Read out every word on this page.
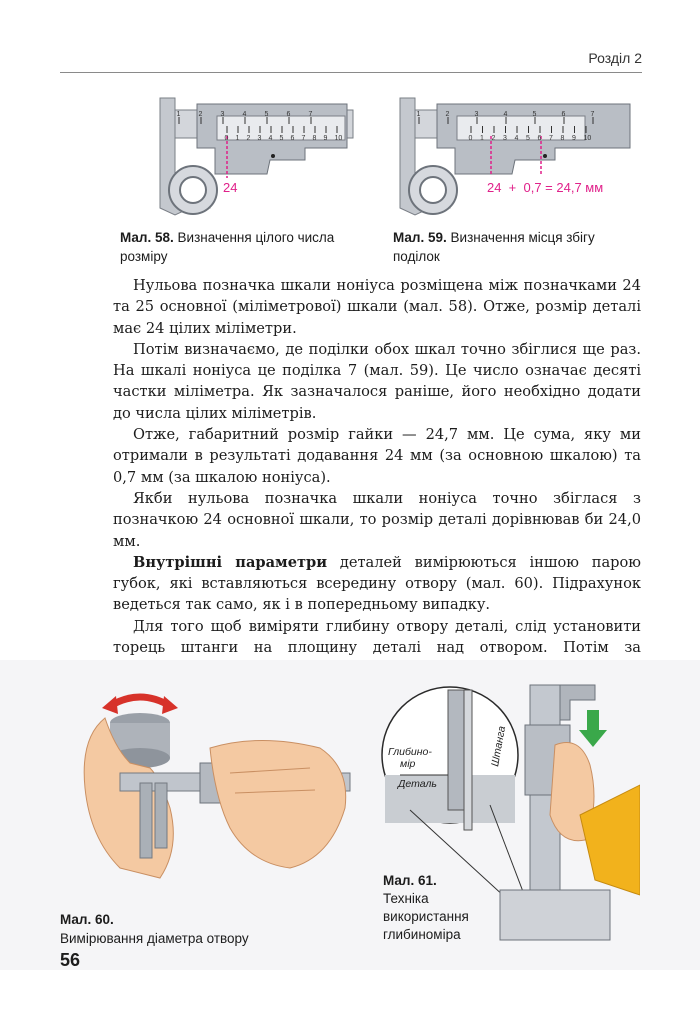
Розділ 2
1	2	3	4	5	6	7
0 1 2 3 4 5 6 7 8 9 10
24
Мал. 58. Визначення цілого числа розміру
1	2	3	4	5	6	7
0 1 2 3 4 5 6 7 8 9 10
24  +  0,7 = 24,7 мм
Мал. 59. Визначення місця збігу поділок

Нульова позначка шкали ноніуса розміщена між позначками 24 та 25 основної (міліметрової) шкали (мал. 58). Отже, розмір деталі має 24 цілих міліметри.

Потім визначаємо, де поділки обох шкал точно збіглися ще раз. На шкалі ноніуса це поділка 7 (мал. 59). Це число означає десяті частки міліметра. Як зазначалося раніше, його необхідно додати до числа цілих міліметрів.

Отже, габаритний розмір гайки — 24,7 мм. Це сума, яку ми отримали в результаті додавання 24 мм (за основною шкалою) та 0,7 мм (за шкалою ноніуса).

Якби нульова позначка шкали ноніуса точно збіглася з позначкою 24 основної шкали, то розмір деталі дорівнював би 24,0 мм.

Внутрішні параметри деталей вимірюються іншою парою губок, які вставляються всередину отвору (мал. 60). Підрахунок ведеться так само, як і в попередньому випадку.

Для того щоб виміряти глибину отвору деталі, слід установити торець штанги на площину деталі над отвором. Потім за

Мал. 60.
Вимірювання діаметра отвору
Глибино-
мір
Деталь
Штанга
Мал. 61.
Техніка
використання
глибиноміра
56
